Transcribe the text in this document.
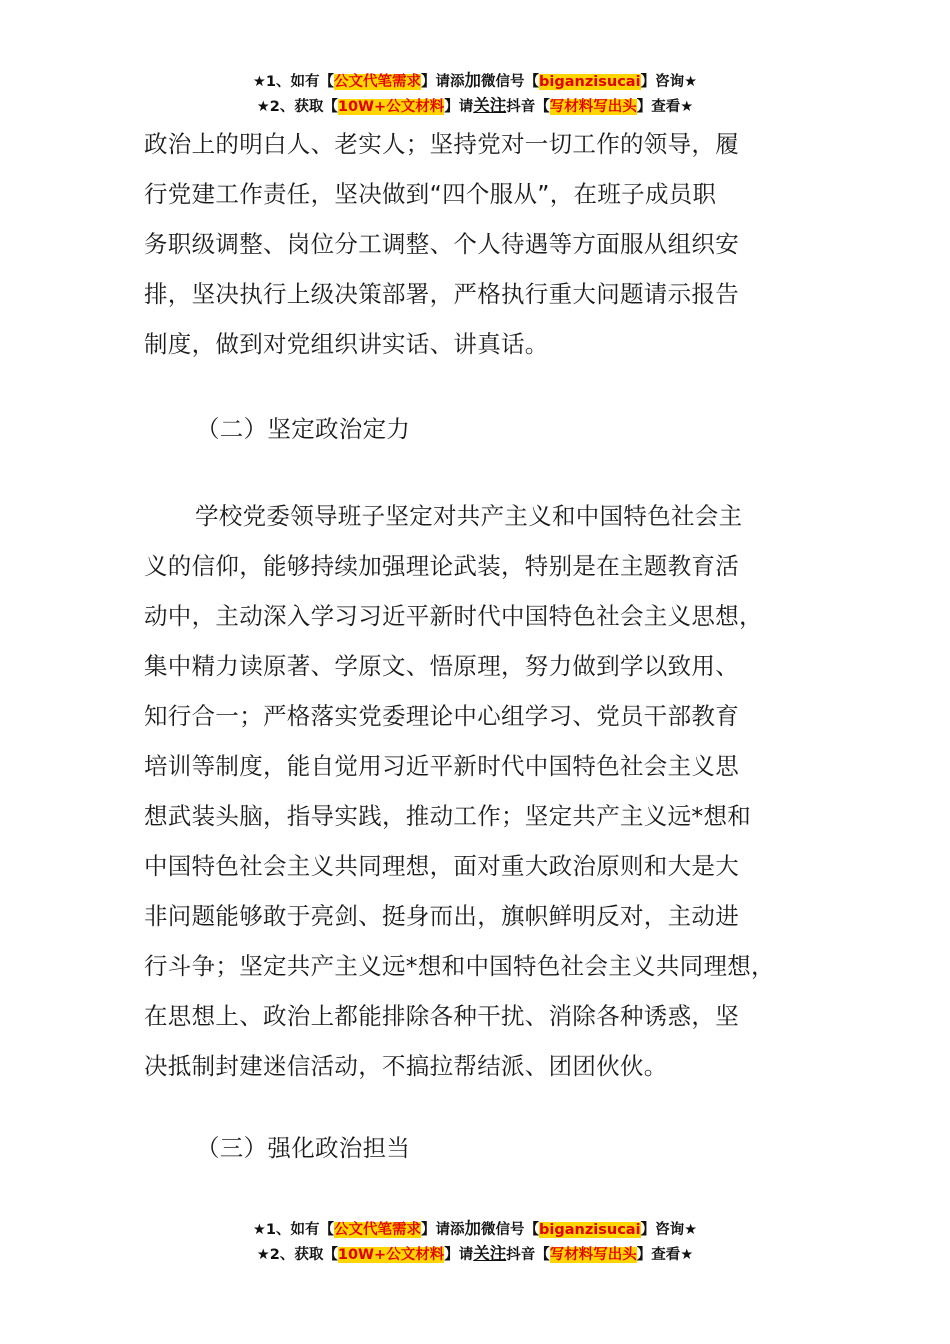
★1、如有【公文代笔需求】请添加微信号【biganzisucai】咨询★
★2、获取【10W+公文材料】请关注抖音【写材料写出头】查看★

政治上的明白人、老实人；坚持党对一切工作的领导，履
行党建工作责任，坚决做到“四个服从”，在班子成员职
务职级调整、岗位分工调整、个人待遇等方面服从组织安
排，坚决执行上级决策部署，严格执行重大问题请示报告
制度，做到对党组织讲实话、讲真话。

（二）坚定政治定力

学校党委领导班子坚定对共产主义和中国特色社会主
义的信仰，能够持续加强理论武装，特别是在主题教育活
动中，主动深入学习习近平新时代中国特色社会主义思想，
集中精力读原著、学原文、悟原理，努力做到学以致用、
知行合一；严格落实党委理论中心组学习、党员干部教育
培训等制度，能自觉用习近平新时代中国特色社会主义思
想武装头脑，指导实践，推动工作；坚定共产主义远*想和
中国特色社会主义共同理想，面对重大政治原则和大是大
非问题能够敢于亮剑、挺身而出，旗帜鲜明反对，主动进
行斗争；坚定共产主义远*想和中国特色社会主义共同理想，
在思想上、政治上都能排除各种干扰、消除各种诱惑，坚
决抵制封建迷信活动，不搞拉帮结派、团团伙伙。

（三）强化政治担当

★1、如有【公文代笔需求】请添加微信号【biganzisucai】咨询★
★2、获取【10W+公文材料】请关注抖音【写材料写出头】查看★
